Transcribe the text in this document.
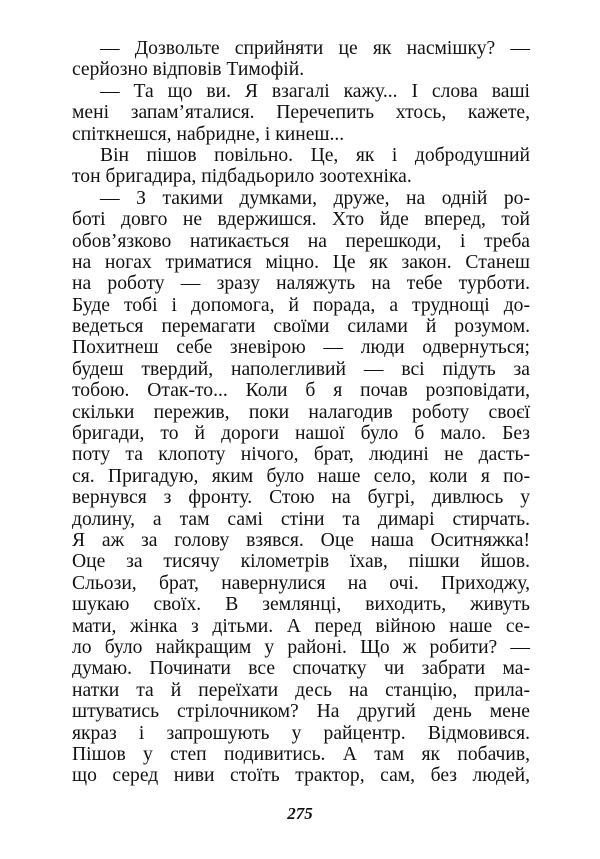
— Дозвольте сприйняти це як насмішку? —
серйозно відповів Тимофій.
— Та що ви. Я взагалі кажу... І слова ваші
мені запам’яталися. Перечепить хтось, кажете,
спіткнешся, набридне, і кинеш...
Він пішов повільно. Це, як і добродушний
тон бригадира, підбадьорило зоотехніка.
— З такими думками, друже, на одній ро-
боті довго не вдержишся. Хто йде вперед, той
обов’язково натикається на перешкоди, і треба
на ногах триматися міцно. Це як закон. Станеш
на роботу — зразу наляжуть на тебе турботи.
Буде тобі і допомога, й порада, а труднощі до-
ведеться перемагати своїми силами й розумом.
Похитнеш себе зневірою — люди одвернуться;
будеш твердий, наполегливий — всі підуть за
тобою. Отак-то... Коли б я почав розповідати,
скільки пережив, поки налагодив роботу своєї
бригади, то й дороги нашої було б мало. Без
поту та клопоту нічого, брат, людині не дасть-
ся. Пригадую, яким було наше село, коли я по-
вернувся з фронту. Стою на бугрі, дивлюсь у
долину, а там самі стіни та димарі стирчать.
Я аж за голову взявся. Оце наша Оситняжка!
Оце за тисячу кілометрів їхав, пішки йшов.
Сльози, брат, навернулися на очі. Приходжу,
шукаю своїх. В землянці, виходить, живуть
мати, жінка з дітьми. А перед війною наше се-
ло було найкращим у районі. Що ж робити? —
думаю. Починати все спочатку чи забрати ма-
натки та й переїхати десь на станцію, прила-
штуватись стрілочником? На другий день мене
якраз і запрошують у райцентр. Відмовився.
Пішов у степ подивитись. А там як побачив,
що серед ниви стоїть трактор, сам, без людей,
275
